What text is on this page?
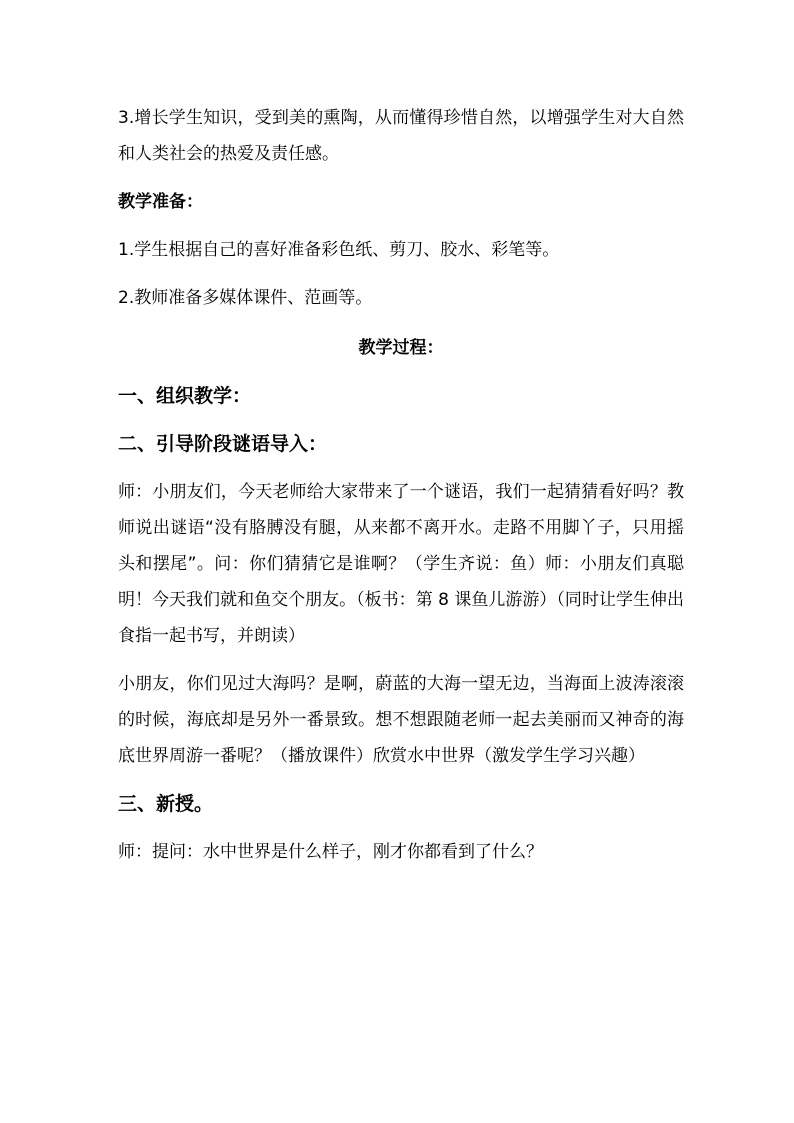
3.增长学生知识，受到美的熏陶，从而懂得珍惜自然，以增强学生对大自然和人类社会的热爱及责任感。

教学准备：

1.学生根据自己的喜好准备彩色纸、剪刀、胶水、彩笔等。

2.教师准备多媒体课件、范画等。

教学过程：

一、组织教学：

二、引导阶段谜语导入：

师：小朋友们，今天老师给大家带来了一个谜语，我们一起猜猜看好吗？教师说出谜语“没有胳膊没有腿，从来都不离开水。走路不用脚丫子，只用摇头和摆尾”。问：你们猜猜它是谁啊？（学生齐说：鱼）师：小朋友们真聪明！今天我们就和鱼交个朋友。（板书：第 8 课鱼儿游游）（同时让学生伸出食指一起书写，并朗读）

小朋友，你们见过大海吗？是啊，蔚蓝的大海一望无边，当海面上波涛滚滚的时候，海底却是另外一番景致。想不想跟随老师一起去美丽而又神奇的海底世界周游一番呢？（播放课件）欣赏水中世界（激发学生学习兴趣）

三、新授。

师：提问：水中世界是什么样子，刚才你都看到了什么？
